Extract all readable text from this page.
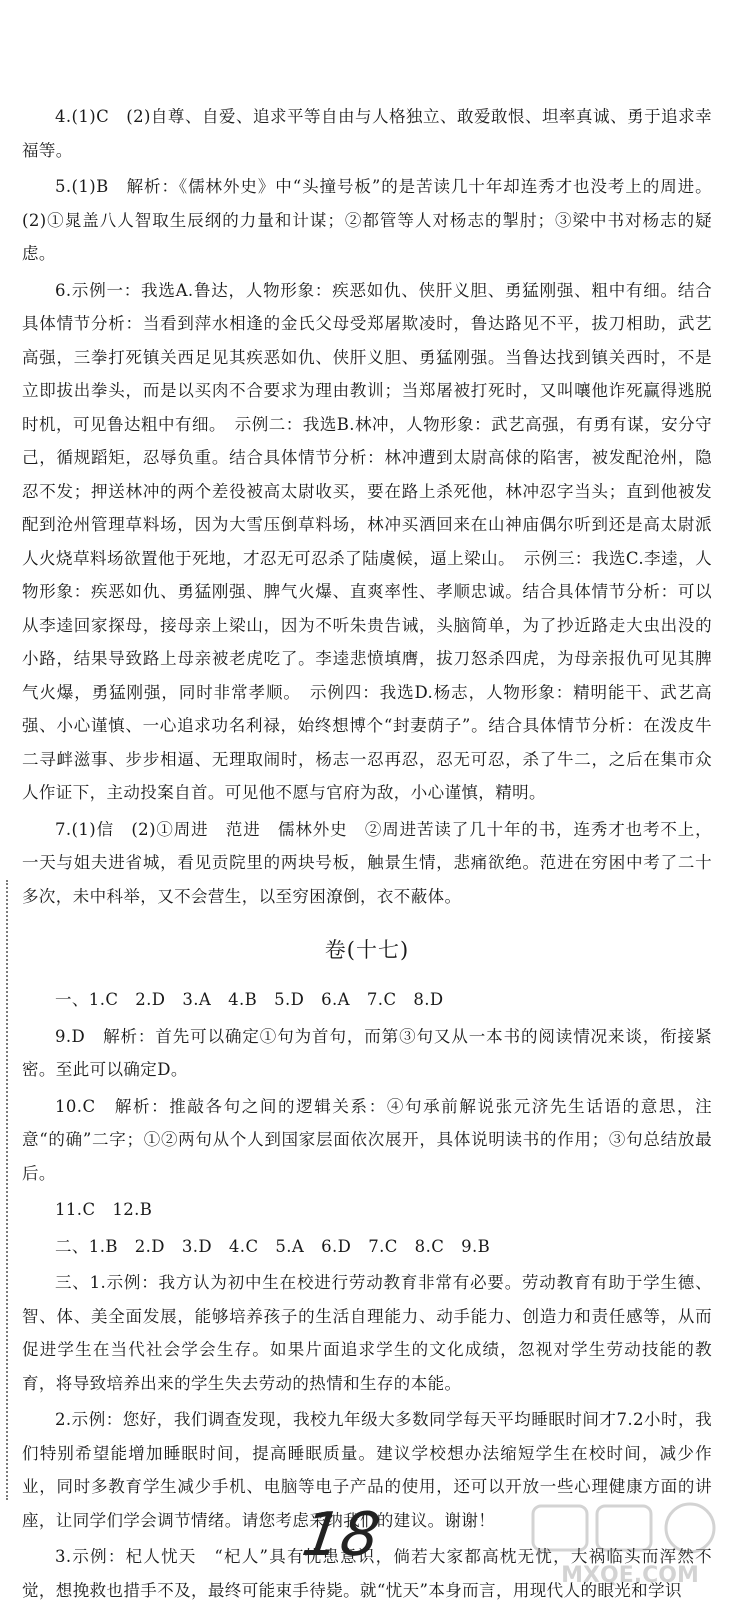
4.(1)C　(2)自尊、自爱、追求平等自由与人格独立、敢爱敢恨、坦率真诚、勇于追求幸福等。

5.(1)B　解析：《儒林外史》中“头撞号板”的是苦读几十年却连秀才也没考上的周进。(2)①晁盖八人智取生辰纲的力量和计谋；②都管等人对杨志的掣肘；③梁中书对杨志的疑虑。

6.示例一：我选A.鲁达，人物形象：疾恶如仇、侠肝义胆、勇猛刚强、粗中有细。结合具体情节分析：当看到萍水相逢的金氏父母受郑屠欺凌时，鲁达路见不平，拔刀相助，武艺高强，三拳打死镇关西足见其疾恶如仇、侠肝义胆、勇猛刚强。当鲁达找到镇关西时，不是立即拔出拳头，而是以买肉不合要求为理由教训；当郑屠被打死时，又叫嚷他诈死赢得逃脱时机，可见鲁达粗中有细。　示例二：我选B.林冲，人物形象：武艺高强，有勇有谋，安分守己，循规蹈矩，忍辱负重。结合具体情节分析：林冲遭到太尉高俅的陷害，被发配沧州，隐忍不发；押送林冲的两个差役被高太尉收买，要在路上杀死他，林冲忍字当头；直到他被发配到沧州管理草料场，因为大雪压倒草料场，林冲买酒回来在山神庙偶尔听到还是高太尉派人火烧草料场欲置他于死地，才忍无可忍杀了陆虞候，逼上梁山。　示例三：我选C.李逵，人物形象：疾恶如仇、勇猛刚强、脾气火爆、直爽率性、孝顺忠诚。结合具体情节分析：可以从李逵回家探母，接母亲上梁山，因为不听朱贵告诫，头脑简单，为了抄近路走大虫出没的小路，结果导致路上母亲被老虎吃了。李逵悲愤填膺，拔刀怒杀四虎，为母亲报仇可见其脾气火爆，勇猛刚强，同时非常孝顺。　示例四：我选D.杨志，人物形象：精明能干、武艺高强、小心谨慎、一心追求功名利禄，始终想博个“封妻荫子”。结合具体情节分析：在泼皮牛二寻衅滋事、步步相逼、无理取闹时，杨志一忍再忍，忍无可忍，杀了牛二，之后在集市众人作证下，主动投案自首。可见他不愿与官府为敌，小心谨慎，精明。

7.(1)信　(2)①周进　范进　儒林外史　②周进苦读了几十年的书，连秀才也考不上，一天与姐夫进省城，看见贡院里的两块号板，触景生情，悲痛欲绝。范进在穷困中考了二十多次，未中科举，又不会营生，以至穷困潦倒，衣不蔽体。

卷(十七)

一、1.C　2.D　3.A　4.B　5.D　6.A　7.C　8.D

9.D　解析：首先可以确定①句为首句，而第③句又从一本书的阅读情况来谈，衔接紧密。至此可以确定D。

10.C　解析：推敲各句之间的逻辑关系：④句承前解说张元济先生话语的意思，注意“的确”二字；①②两句从个人到国家层面依次展开，具体说明读书的作用；③句总结放最后。

11.C　12.B

二、1.B　2.D　3.D　4.C　5.A　6.D　7.C　8.C　9.B

三、1.示例：我方认为初中生在校进行劳动教育非常有必要。劳动教育有助于学生德、智、体、美全面发展，能够培养孩子的生活自理能力、动手能力、创造力和责任感等，从而促进学生在当代社会学会生存。如果片面追求学生的文化成绩，忽视对学生劳动技能的教育，将导致培养出来的学生失去劳动的热情和生存的本能。

2.示例：您好，我们调查发现，我校九年级大多数同学每天平均睡眠时间才7.2小时，我们特别希望能增加睡眠时间，提高睡眠质量。建议学校想办法缩短学生在校时间，减少作业，同时多教育学生减少手机、电脑等电子产品的使用，还可以开放一些心理健康方面的讲座，让同学们学会调节情绪。请您考虑采纳我们的建议。谢谢！

3.示例：杞人忧天　“杞人”具有忧患意识，倘若大家都高枕无忧，大祸临头而浑然不觉，想挽救也措手不及，最终可能束手待毙。就“忧天”本身而言，用现代人的眼光和学识

18
MXQE.COM
